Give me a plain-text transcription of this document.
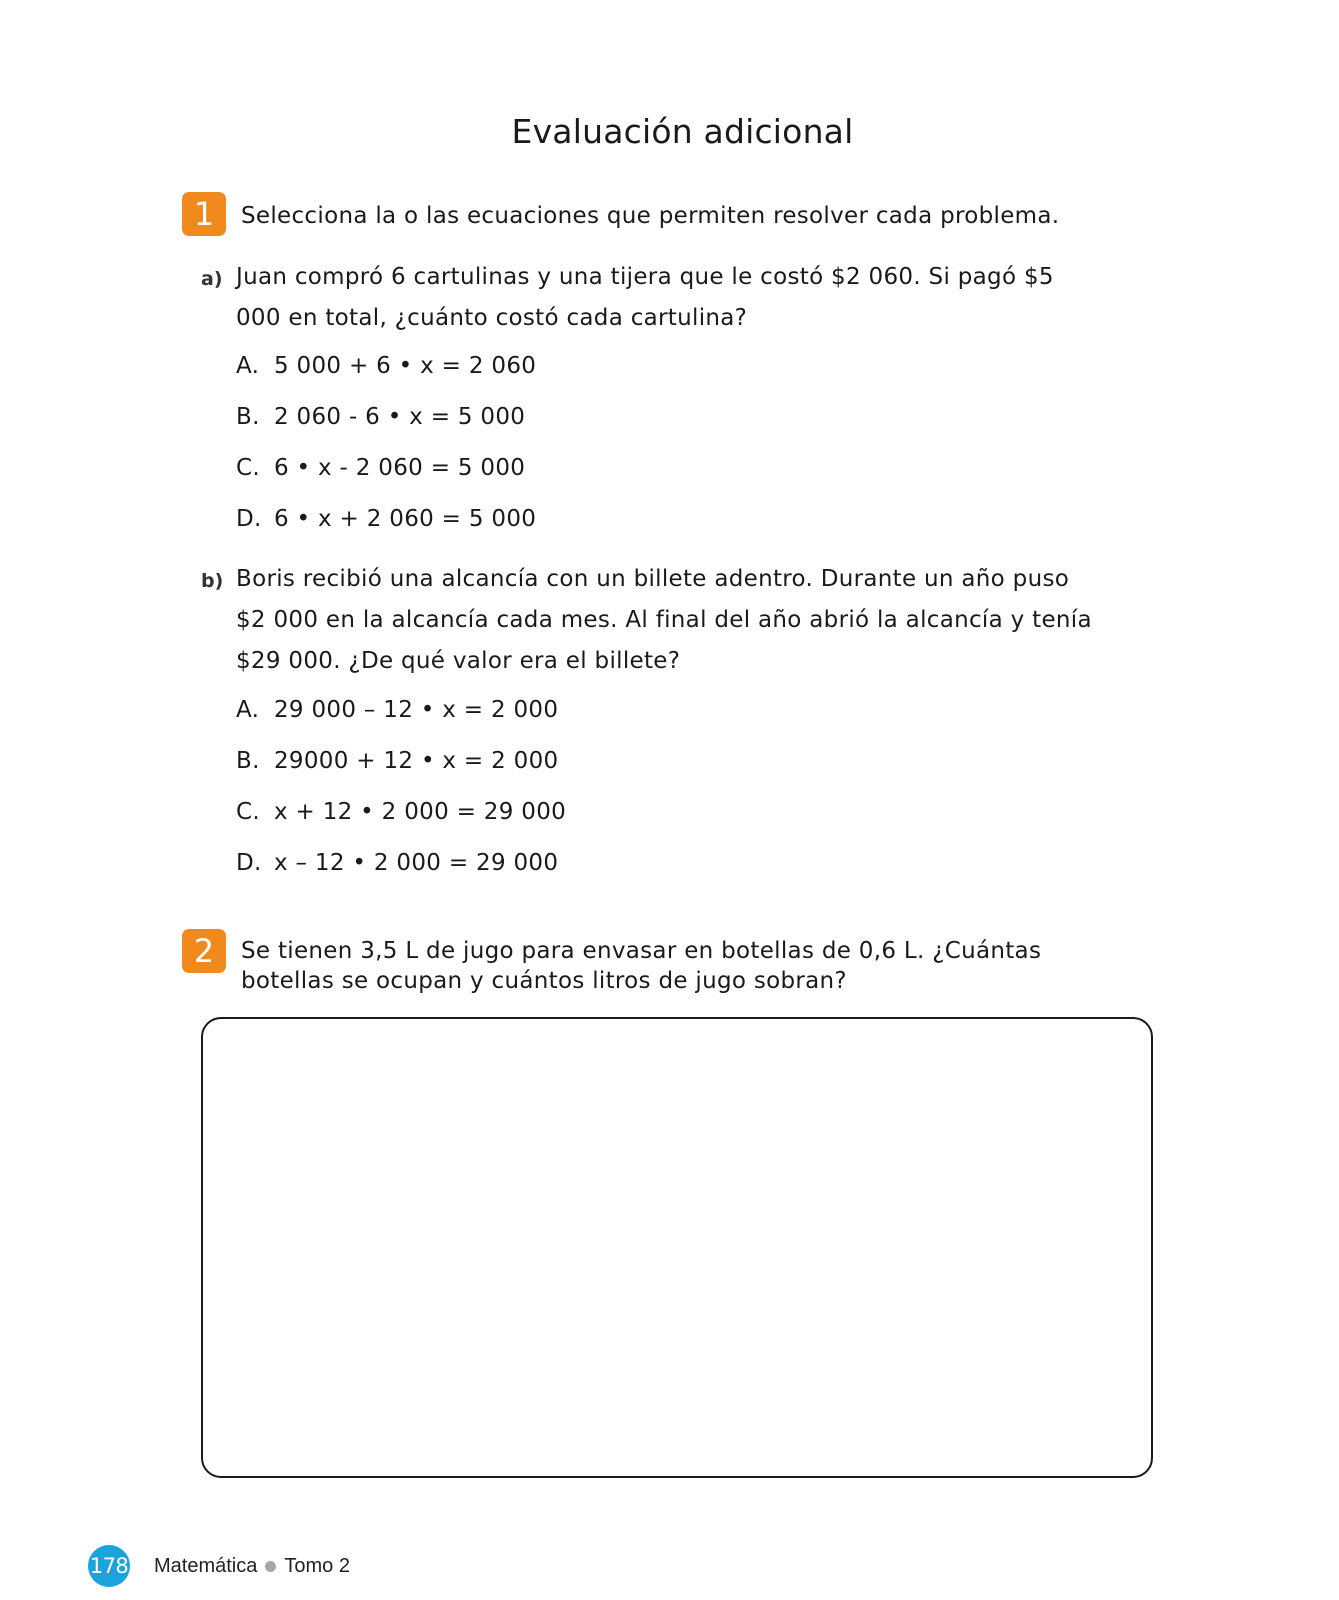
Evaluación adicional
1	Selecciona la o las ecuaciones que permiten resolver cada problema.
a) Juan compró 6 cartulinas y una tijera que le costó $2 060. Si pagó $5 000 en total, ¿cuánto costó cada cartulina?
A. 5 000 + 6 • x = 2 060
B. 2 060 - 6 • x = 5 000
C. 6 • x - 2 060 = 5 000
D. 6 • x + 2 060 = 5 000
b) Boris recibió una alcancía con un billete adentro. Durante un año puso $2 000 en la alcancía cada mes. Al final del año abrió la alcancía y tenía $29 000. ¿De qué valor era el billete?
A. 29 000 – 12 • x = 2 000
B. 29000 + 12 • x = 2 000
C. x + 12 • 2 000 = 29 000
D. x – 12 • 2 000 = 29 000
2	Se tienen 3,5 L de jugo para envasar en botellas de 0,6 L. ¿Cuántas botellas se ocupan y cuántos litros de jugo sobran?
178 Matemática Tomo 2
